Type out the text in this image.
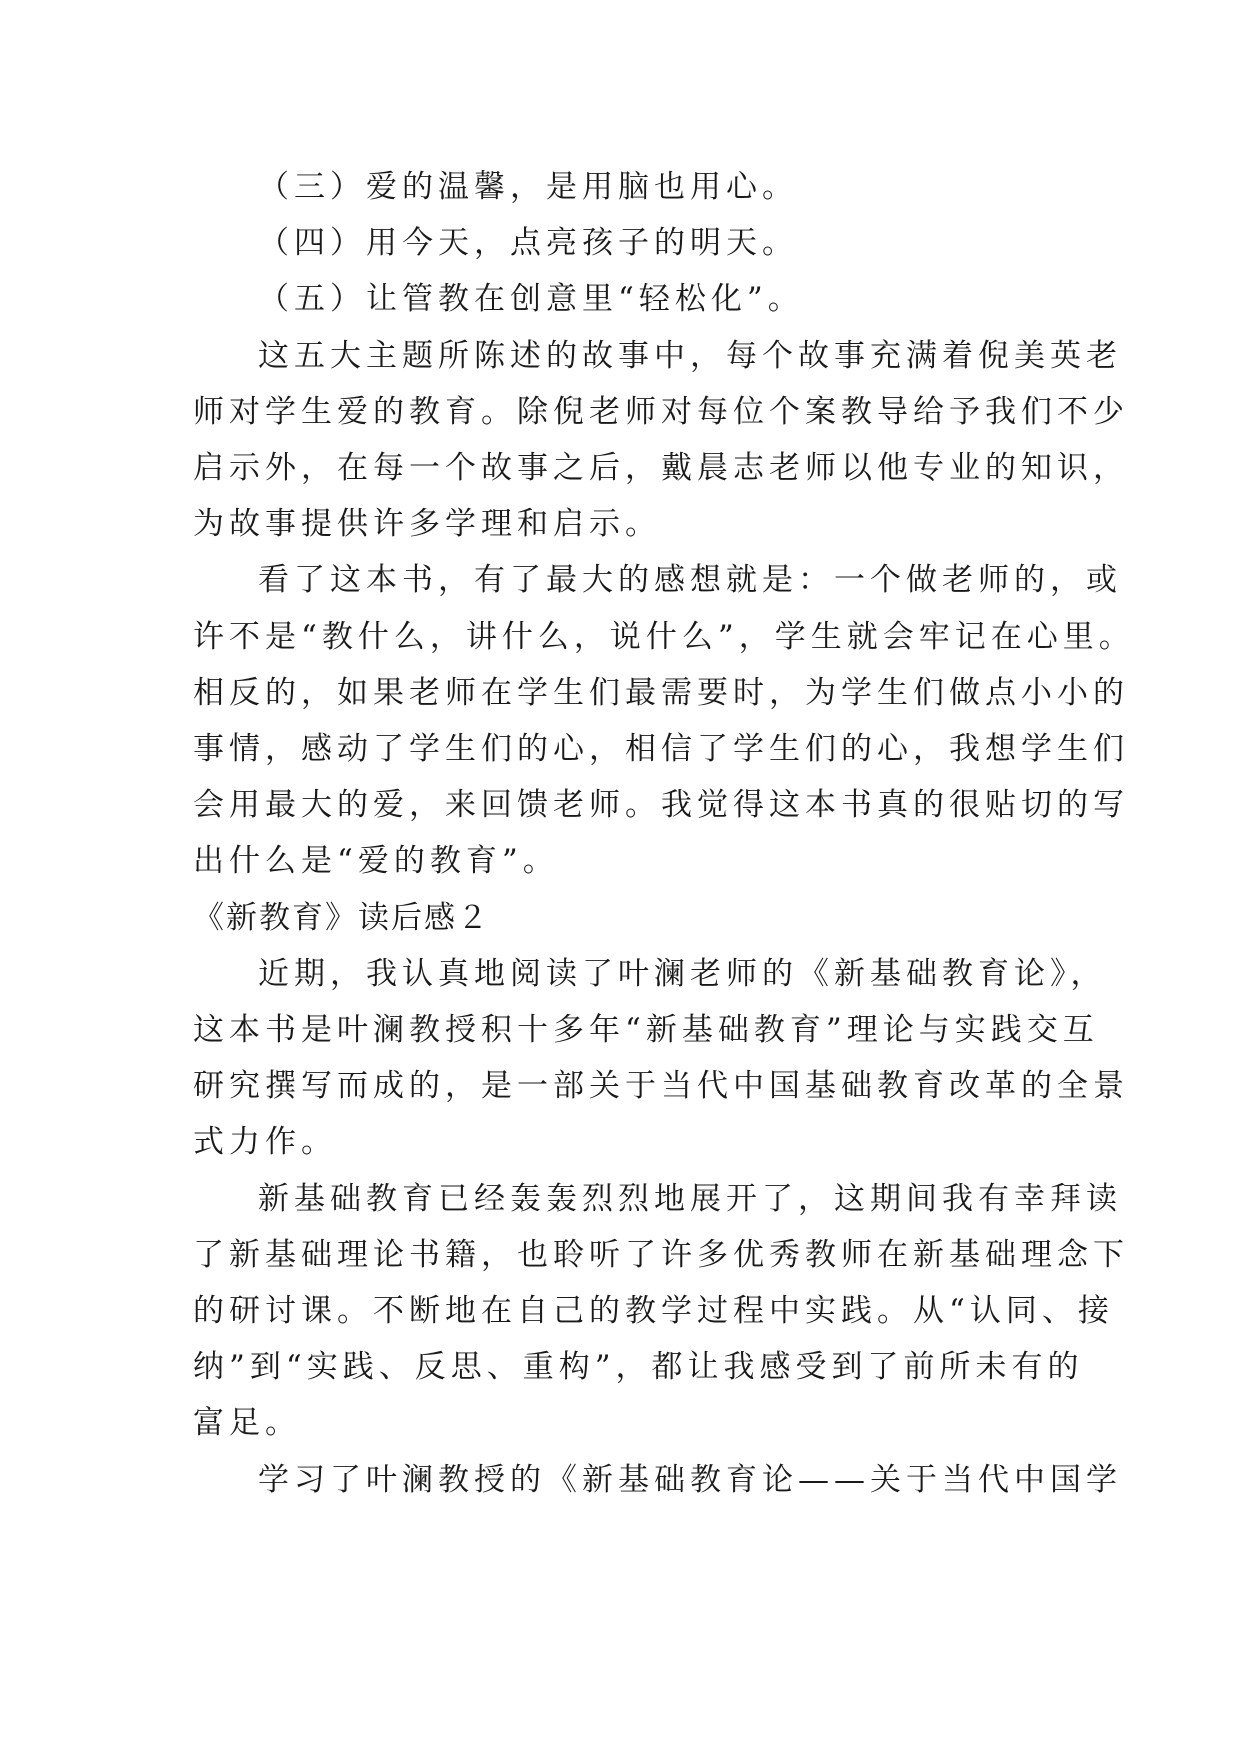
（三）爱的温馨，是用脑也用心。
（四）用今天，点亮孩子的明天。
（五）让管教在创意里“轻松化”。
这五大主题所陈述的故事中，每个故事充满着倪美英老
师对学生爱的教育。除倪老师对每位个案教导给予我们不少
启示外，在每一个故事之后，戴晨志老师以他专业的知识，
为故事提供许多学理和启示。
看了这本书，有了最大的感想就是：一个做老师的，或
许不是“教什么，讲什么，说什么”，学生就会牢记在心里。
相反的，如果老师在学生们最需要时，为学生们做点小小的
事情，感动了学生们的心，相信了学生们的心，我想学生们
会用最大的爱，来回馈老师。我觉得这本书真的很贴切的写
出什么是“爱的教育”。
《新教育》读后感２
近期，我认真地阅读了叶澜老师的《新基础教育论》，
这本书是叶澜教授积十多年“新基础教育”理论与实践交互
研究撰写而成的，是一部关于当代中国基础教育改革的全景
式力作。
新基础教育已经轰轰烈烈地展开了，这期间我有幸拜读
了新基础理论书籍，也聆听了许多优秀教师在新基础理念下
的研讨课。不断地在自己的教学过程中实践。从“认同、接
纳”到“实践、反思、重构”，都让我感受到了前所未有的
富足。
学习了叶澜教授的《新基础教育论——关于当代中国学
